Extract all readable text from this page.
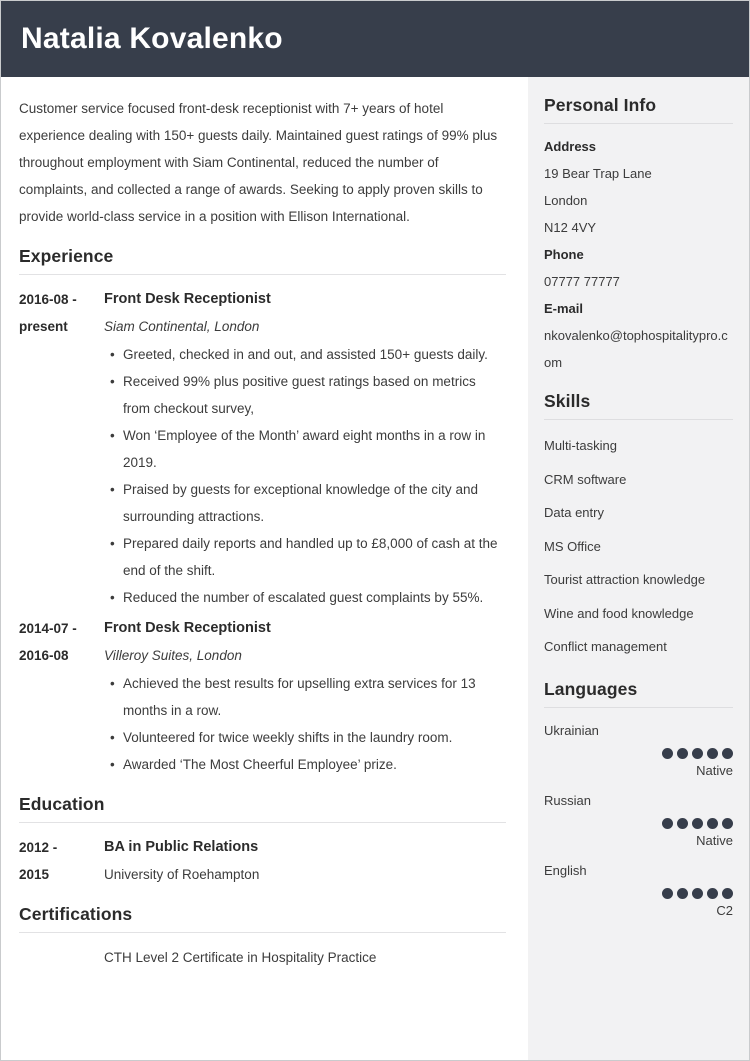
Natalia Kovalenko
Customer service focused front-desk receptionist with 7+ years of hotel experience dealing with 150+ guests daily. Maintained guest ratings of 99% plus throughout employment with Siam Continental, reduced the number of complaints, and collected a range of awards. Seeking to apply proven skills to provide world-class service in a position with Ellison International.
Experience
2016-08 -
present
Front Desk Receptionist
Siam Continental, London
• Greeted, checked in and out, and assisted 150+ guests daily.
• Received 99% plus positive guest ratings based on metrics from checkout survey,
• Won ‘Employee of the Month’ award eight months in a row in 2019.
• Praised by guests for exceptional knowledge of the city and surrounding attractions.
• Prepared daily reports and handled up to £8,000 of cash at the end of the shift.
• Reduced the number of escalated guest complaints by 55%.
2014-07 -
2016-08
Front Desk Receptionist
Villeroy Suites, London
• Achieved the best results for upselling extra services for 13 months in a row.
• Volunteered for twice weekly shifts in the laundry room.
• Awarded ‘The Most Cheerful Employee’ prize.
Education
2012 -
2015
BA in Public Relations
University of Roehampton
Certifications
CTH Level 2 Certificate in Hospitality Practice
Personal Info
Address
19 Bear Trap Lane
London
N12 4VY
Phone
07777 77777
E-mail
nkovalenko@tophospitalitypro.com
Skills
Multi-tasking
CRM software
Data entry
MS Office
Tourist attraction knowledge
Wine and food knowledge
Conflict management
Languages
Ukrainian
Native
Russian
Native
English
C2
